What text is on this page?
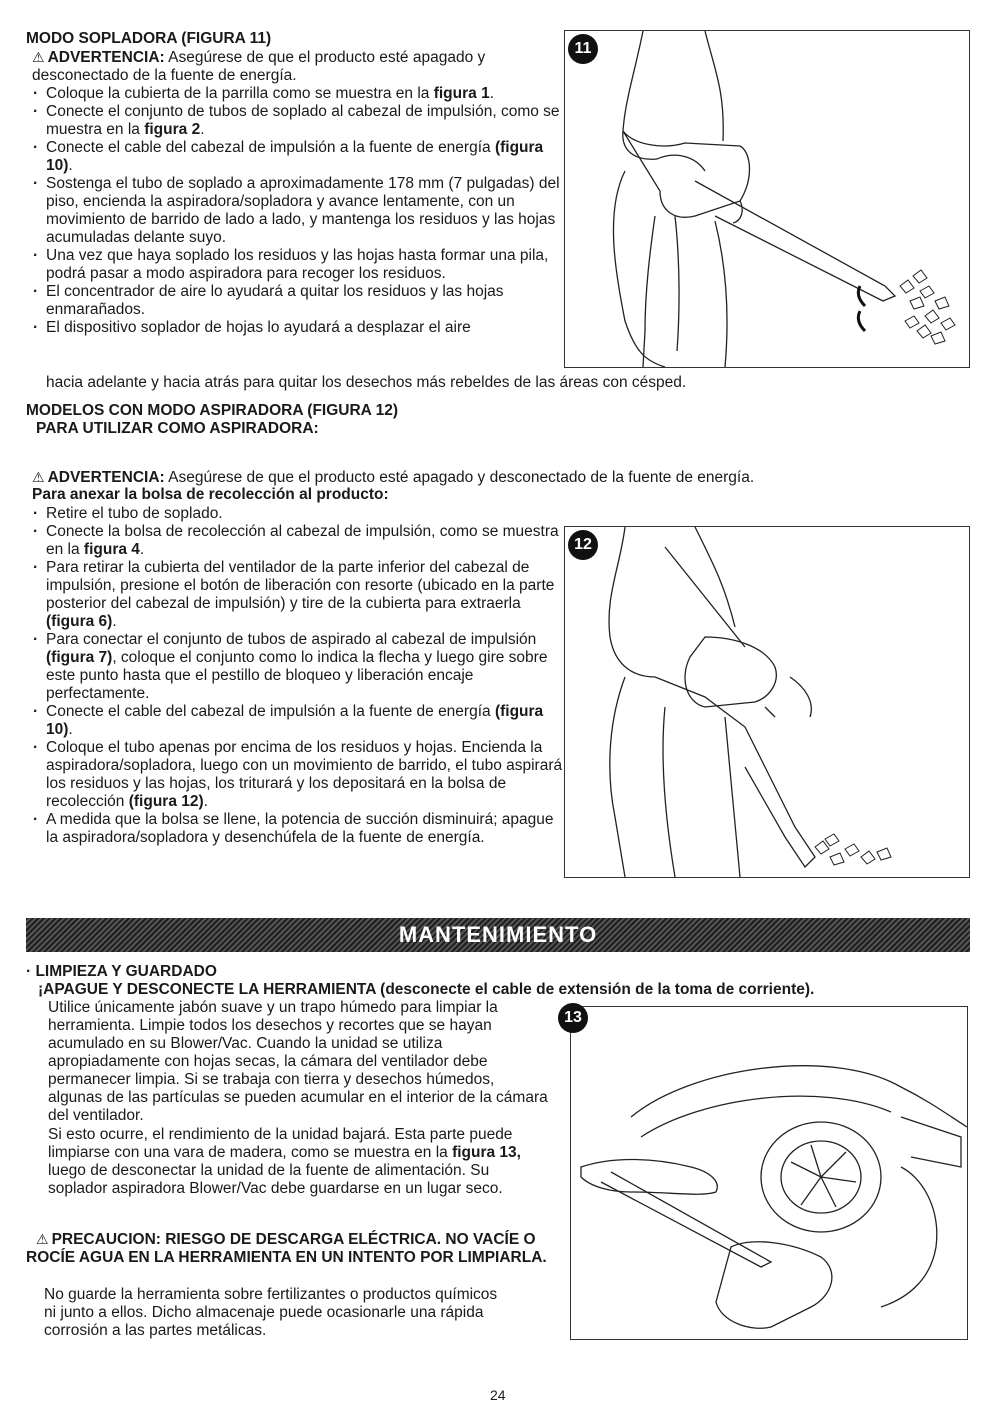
MODO SOPLADORA (FIGURA 11)
⚠ ADVERTENCIA: Asegúrese de que el producto esté apagado y desconectado de la fuente de energía.
· Coloque la cubierta de la parrilla como se muestra en la figura 1.
· Conecte el conjunto de tubos de soplado al cabezal de impulsión, como se muestra en la figura 2.
· Conecte el cable del cabezal de impulsión a la fuente de energía (figura 10).
· Sostenga el tubo de soplado a aproximadamente 178 mm (7 pulgadas) del piso, encienda la aspiradora/sopladora y avance lentamente, con un movimiento de barrido de lado a lado, y mantenga los residuos y las hojas acumuladas delante suyo.
· Una vez que haya soplado los residuos y las hojas hasta formar una pila, podrá pasar a modo aspiradora para recoger los residuos.
· El concentrador de aire lo ayudará a quitar los residuos y las hojas enmarañados.
· El dispositivo soplador de hojas lo ayudará a desplazar el aire
hacia adelante y hacia atrás para quitar los desechos más rebeldes de las áreas con césped.
11
MODELOS CON MODO ASPIRADORA (FIGURA 12)
PARA UTILIZAR COMO ASPIRADORA:
⚠ ADVERTENCIA: Asegúrese de que el producto esté apagado y desconectado de la fuente de energía.
Para anexar la bolsa de recolección al producto:
· Retire el tubo de soplado.
· Conecte la bolsa de recolección al cabezal de impulsión, como se muestra en la figura 4.
· Para retirar la cubierta del ventilador de la parte inferior del cabezal de impulsión, presione el botón de liberación con resorte (ubicado en la parte posterior del cabezal de impulsión) y tire de la cubierta para extraerla (figura 6).
· Para conectar el conjunto de tubos de aspirado al cabezal de impulsión (figura 7), coloque el conjunto como lo indica la flecha y luego gire sobre este punto hasta que el pestillo de bloqueo y liberación encaje perfectamente.
· Conecte el cable del cabezal de impulsión a la fuente de energía (figura 10).
· Coloque el tubo apenas por encima de los residuos y hojas. Encienda la aspiradora/sopladora, luego con un movimiento de barrido, el tubo aspirará los residuos y las hojas, los triturará y los depositará en la bolsa de recolección (figura 12).
· A medida que la bolsa se llene, la potencia de succión disminuirá; apague la aspiradora/sopladora y desenchúfela de la fuente de energía.
12
MANTENIMIENTO
· LIMPIEZA Y GUARDADO
¡APAGUE Y DESCONECTE LA HERRAMIENTA (desconecte el cable de extensión de la toma de corriente).
Utilice únicamente jabón suave y un trapo húmedo para limpiar la herramienta. Limpie todos los desechos y recortes que se hayan acumulado en su Blower/Vac. Cuando la unidad se utiliza apropiadamente con hojas secas, la cámara del ventilador debe permanecer limpia. Si se trabaja con tierra y desechos húmedos, algunas de las partículas se pueden acumular en el interior de la cámara del ventilador.
Si esto ocurre, el rendimiento de la unidad bajará. Esta parte puede limpiarse con una vara de madera, como se muestra en la figura 13, luego de desconectar la unidad de la fuente de alimentación. Su soplador aspiradora Blower/Vac debe guardarse en un lugar seco.
⚠ PRECAUCION: RIESGO DE DESCARGA ELÉCTRICA. NO VACÍE O ROCÍE AGUA EN LA HERRAMIENTA EN UN INTENTO POR LIMPIARLA.
No guarde la herramienta sobre fertilizantes o productos químicos ni junto a ellos. Dicho almacenaje puede ocasionarle una rápida corrosión a las partes metálicas.
13
24
